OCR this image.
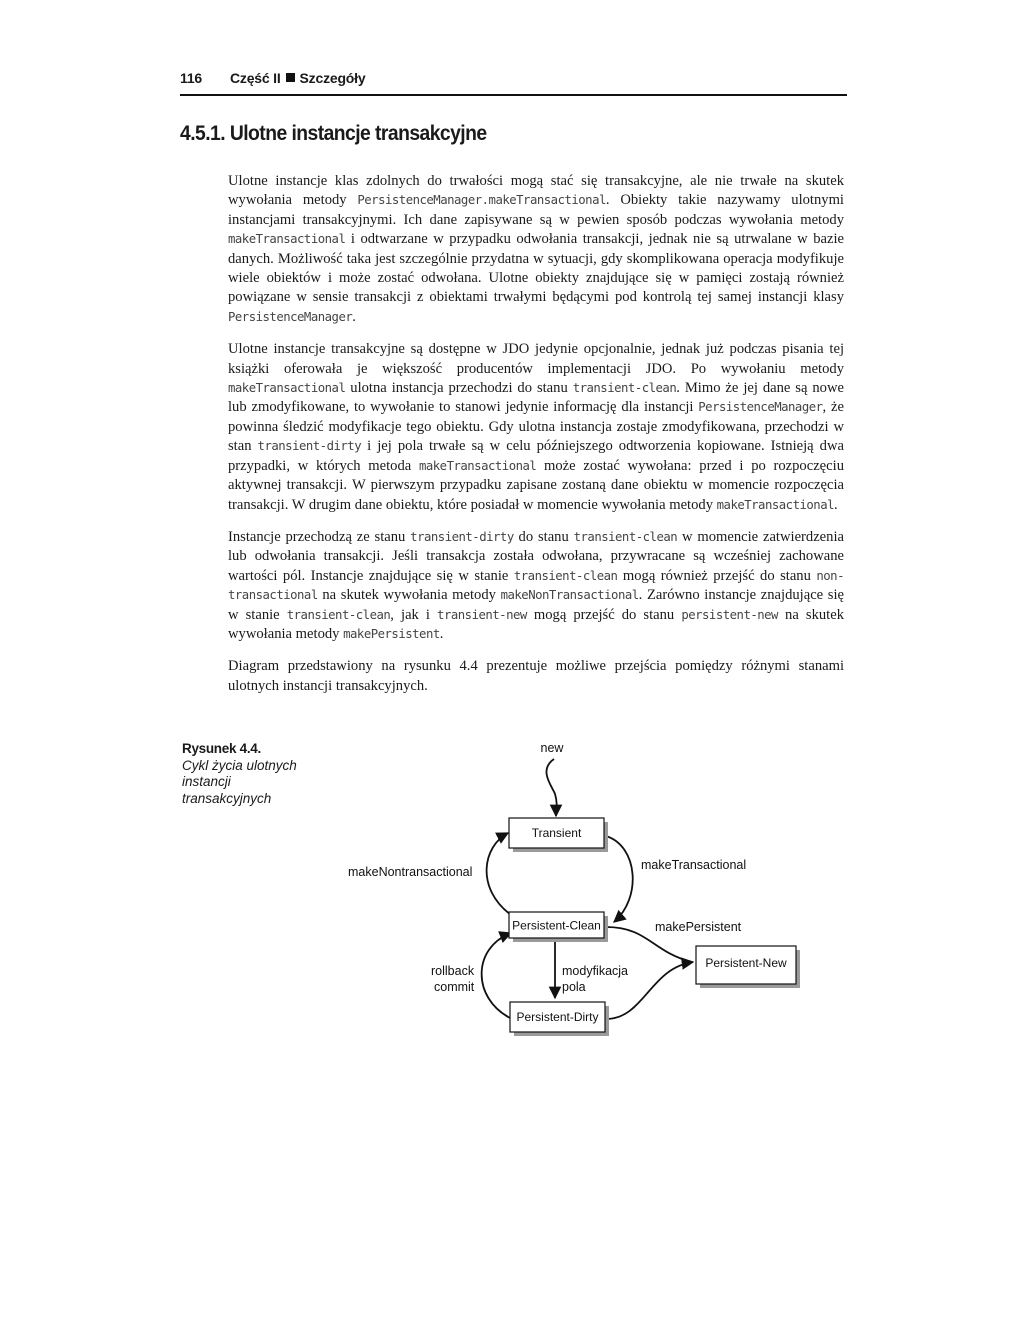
116 Część II Szczegóły
4.5.1. Ulotne instancje transakcyjne

Ulotne instancje klas zdolnych do trwałości mogą stać się transakcyjne, ale nie trwałe na skutek wywołania metody PersistenceManager.makeTransactional. Obiekty takie nazywamy ulotnymi instancjami transakcyjnymi. Ich dane zapisywane są w pewien sposób podczas wywołania metody makeTransactional i odtwarzane w przypadku odwołania transakcji, jednak nie są utrwalane w bazie danych. Możliwość taka jest szczególnie przydatna w sytuacji, gdy skomplikowana operacja modyfikuje wiele obiektów i może zostać odwołana. Ulotne obiekty znajdujące się w pamięci zostają również powiązane w sensie transakcji z obiektami trwałymi będącymi pod kontrolą tej samej instancji klasy PersistenceManager.

Ulotne instancje transakcyjne są dostępne w JDO jedynie opcjonalnie, jednak już podczas pisania tej książki oferowała je większość producentów implementacji JDO. Po wywołaniu metody makeTransactional ulotna instancja przechodzi do stanu transient-clean. Mimo że jej dane są nowe lub zmodyfikowane, to wywołanie to stanowi jedynie informację dla instancji PersistenceManager, że powinna śledzić modyfikacje tego obiektu. Gdy ulotna instancja zostaje zmodyfikowana, przechodzi w stan transient-dirty i jej pola trwałe są w celu późniejszego odtworzenia kopiowane. Istnieją dwa przypadki, w których metoda makeTransactional może zostać wywołana: przed i po rozpoczęciu aktywnej transakcji. W pierwszym przypadku zapisane zostaną dane obiektu w momencie rozpoczęcia transakcji. W drugim dane obiektu, które posiadał w momencie wywołania metody makeTransactional.

Instancje przechodzą ze stanu transient-dirty do stanu transient-clean w momencie zatwierdzenia lub odwołania transakcji. Jeśli transakcja została odwołana, przywracane są wcześniej zachowane wartości pól. Instancje znajdujące się w stanie transient-clean mogą również przejść do stanu non-transactional na skutek wywołania metody makeNonTransactional. Zarówno instancje znajdujące się w stanie transient-clean, jak i transient-new mogą przejść do stanu persistent-new na skutek wywołania metody makePersistent.

Diagram przedstawiony na rysunku 4.4 prezentuje możliwe przejścia pomiędzy różnymi stanami ulotnych instancji transakcyjnych.

Rysunek 4.4.
Cykl życia ulotnych instancji transakcyjnych
Transient
Persistent-Clean
Persistent-Dirty
Persistent-New
new
makeNontransactional	makeTransactional
makePersistent
rollback
commit
modyfikacja
pola
